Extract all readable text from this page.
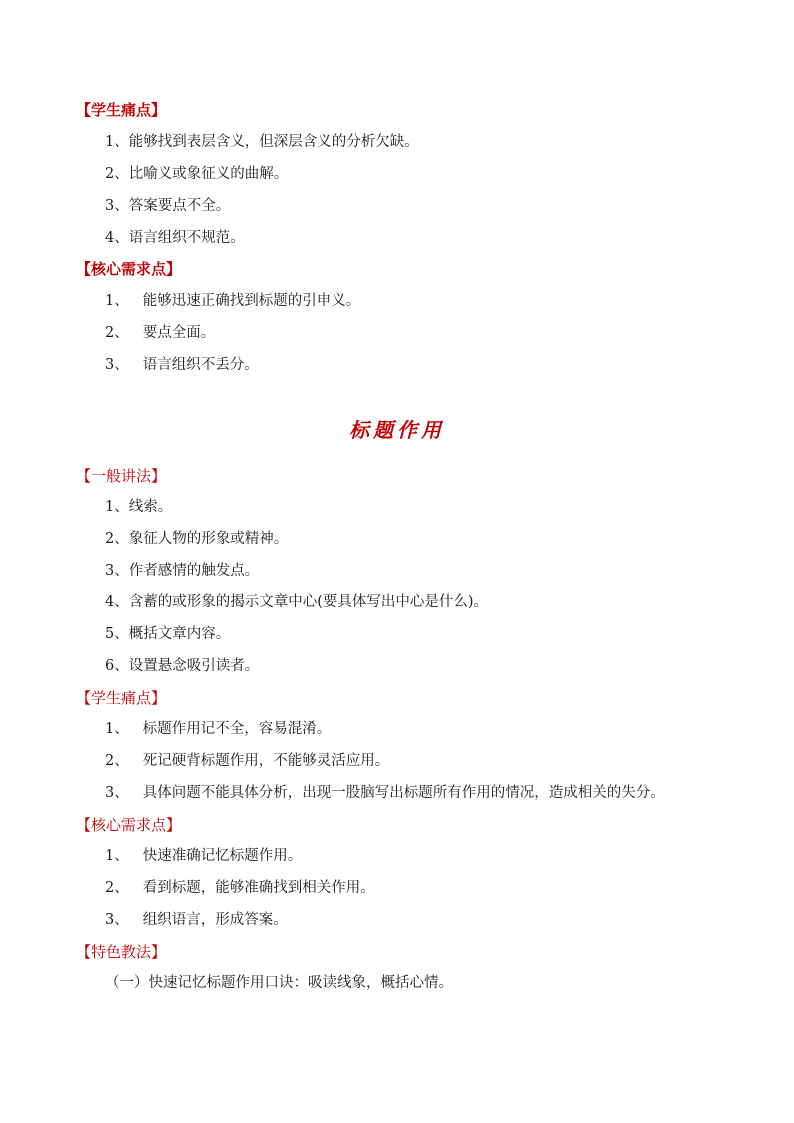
【学生痛点】
1、能够找到表层含义，但深层含义的分析欠缺。
2、比喻义或象征义的曲解。
3、答案要点不全。
4、语言组织不规范。
【核心需求点】
1、 能够迅速正确找到标题的引申义。
2、 要点全面。
3、 语言组织不丢分。
标题作用
【一般讲法】
1、线索。
2、象征人物的形象或精神。
3、作者感情的触发点。
4、含蓄的或形象的揭示文章中心(要具体写出中心是什么)。
5、概括文章内容。
6、设置悬念吸引读者。
【学生痛点】
1、 标题作用记不全，容易混淆。
2、 死记硬背标题作用，不能够灵活应用。
3、 具体问题不能具体分析，出现一股脑写出标题所有作用的情况，造成相关的失分。
【核心需求点】
1、 快速准确记忆标题作用。
2、 看到标题，能够准确找到相关作用。
3、 组织语言，形成答案。
【特色教法】
（一）快速记忆标题作用口诀：吸读线象，概括心情。
